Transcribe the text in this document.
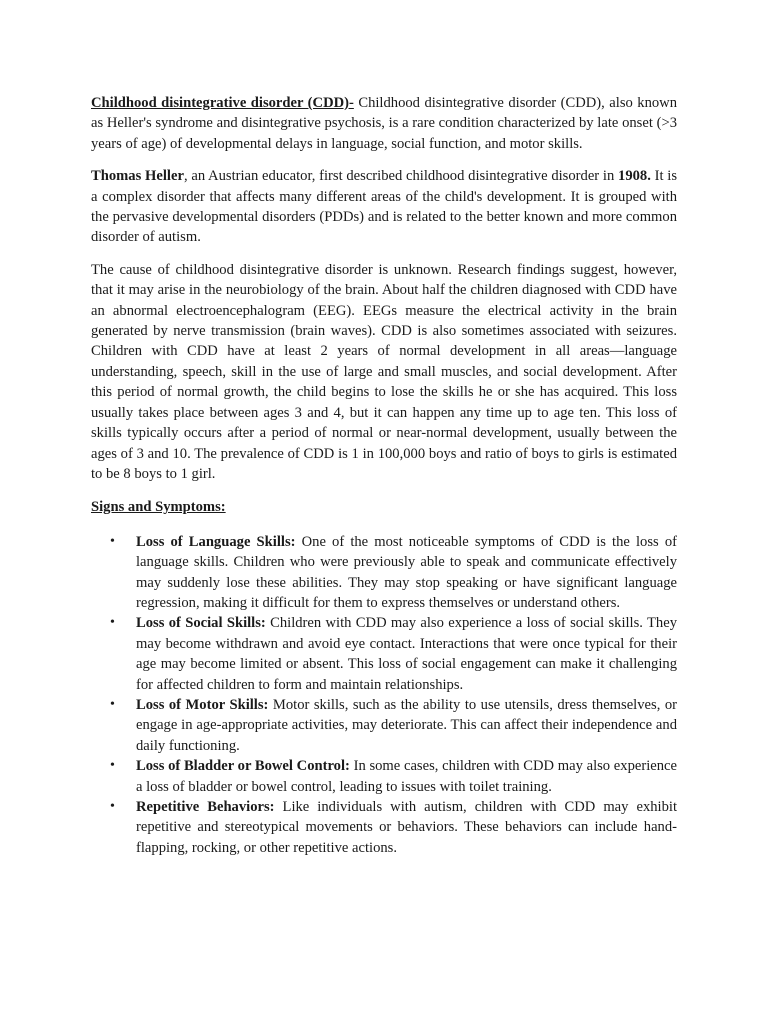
Childhood disintegrative disorder (CDD)- Childhood disintegrative disorder (CDD), also known as Heller's syndrome and disintegrative psychosis, is a rare condition characterized by late onset (>3 years of age) of developmental delays in language, social function, and motor skills.

Thomas Heller, an Austrian educator, first described childhood disintegrative disorder in 1908. It is a complex disorder that affects many different areas of the child's development. It is grouped with the pervasive developmental disorders (PDDs) and is related to the better known and more common disorder of autism.

The cause of childhood disintegrative disorder is unknown. Research findings suggest, however, that it may arise in the neurobiology of the brain. About half the children diagnosed with CDD have an abnormal electroencephalogram (EEG). EEGs measure the electrical activity in the brain generated by nerve transmission (brain waves). CDD is also sometimes associated with seizures. Children with CDD have at least 2 years of normal development in all areas—language understanding, speech, skill in the use of large and small muscles, and social development. After this period of normal growth, the child begins to lose the skills he or she has acquired. This loss usually takes place between ages 3 and 4, but it can happen any time up to age ten. This loss of skills typically occurs after a period of normal or near-normal development, usually between the ages of 3 and 10. The prevalence of CDD is 1 in 100,000 boys and ratio of boys to girls is estimated to be 8 boys to 1 girl.

Signs and Symptoms:

• Loss of Language Skills: One of the most noticeable symptoms of CDD is the loss of language skills. Children who were previously able to speak and communicate effectively may suddenly lose these abilities. They may stop speaking or have significant language regression, making it difficult for them to express themselves or understand others.
• Loss of Social Skills: Children with CDD may also experience a loss of social skills. They may become withdrawn and avoid eye contact. Interactions that were once typical for their age may become limited or absent. This loss of social engagement can make it challenging for affected children to form and maintain relationships.
• Loss of Motor Skills: Motor skills, such as the ability to use utensils, dress themselves, or engage in age-appropriate activities, may deteriorate. This can affect their independence and daily functioning.
• Loss of Bladder or Bowel Control: In some cases, children with CDD may also experience a loss of bladder or bowel control, leading to issues with toilet training.
• Repetitive Behaviors: Like individuals with autism, children with CDD may exhibit repetitive and stereotypical movements or behaviors. These behaviors can include hand-flapping, rocking, or other repetitive actions.
